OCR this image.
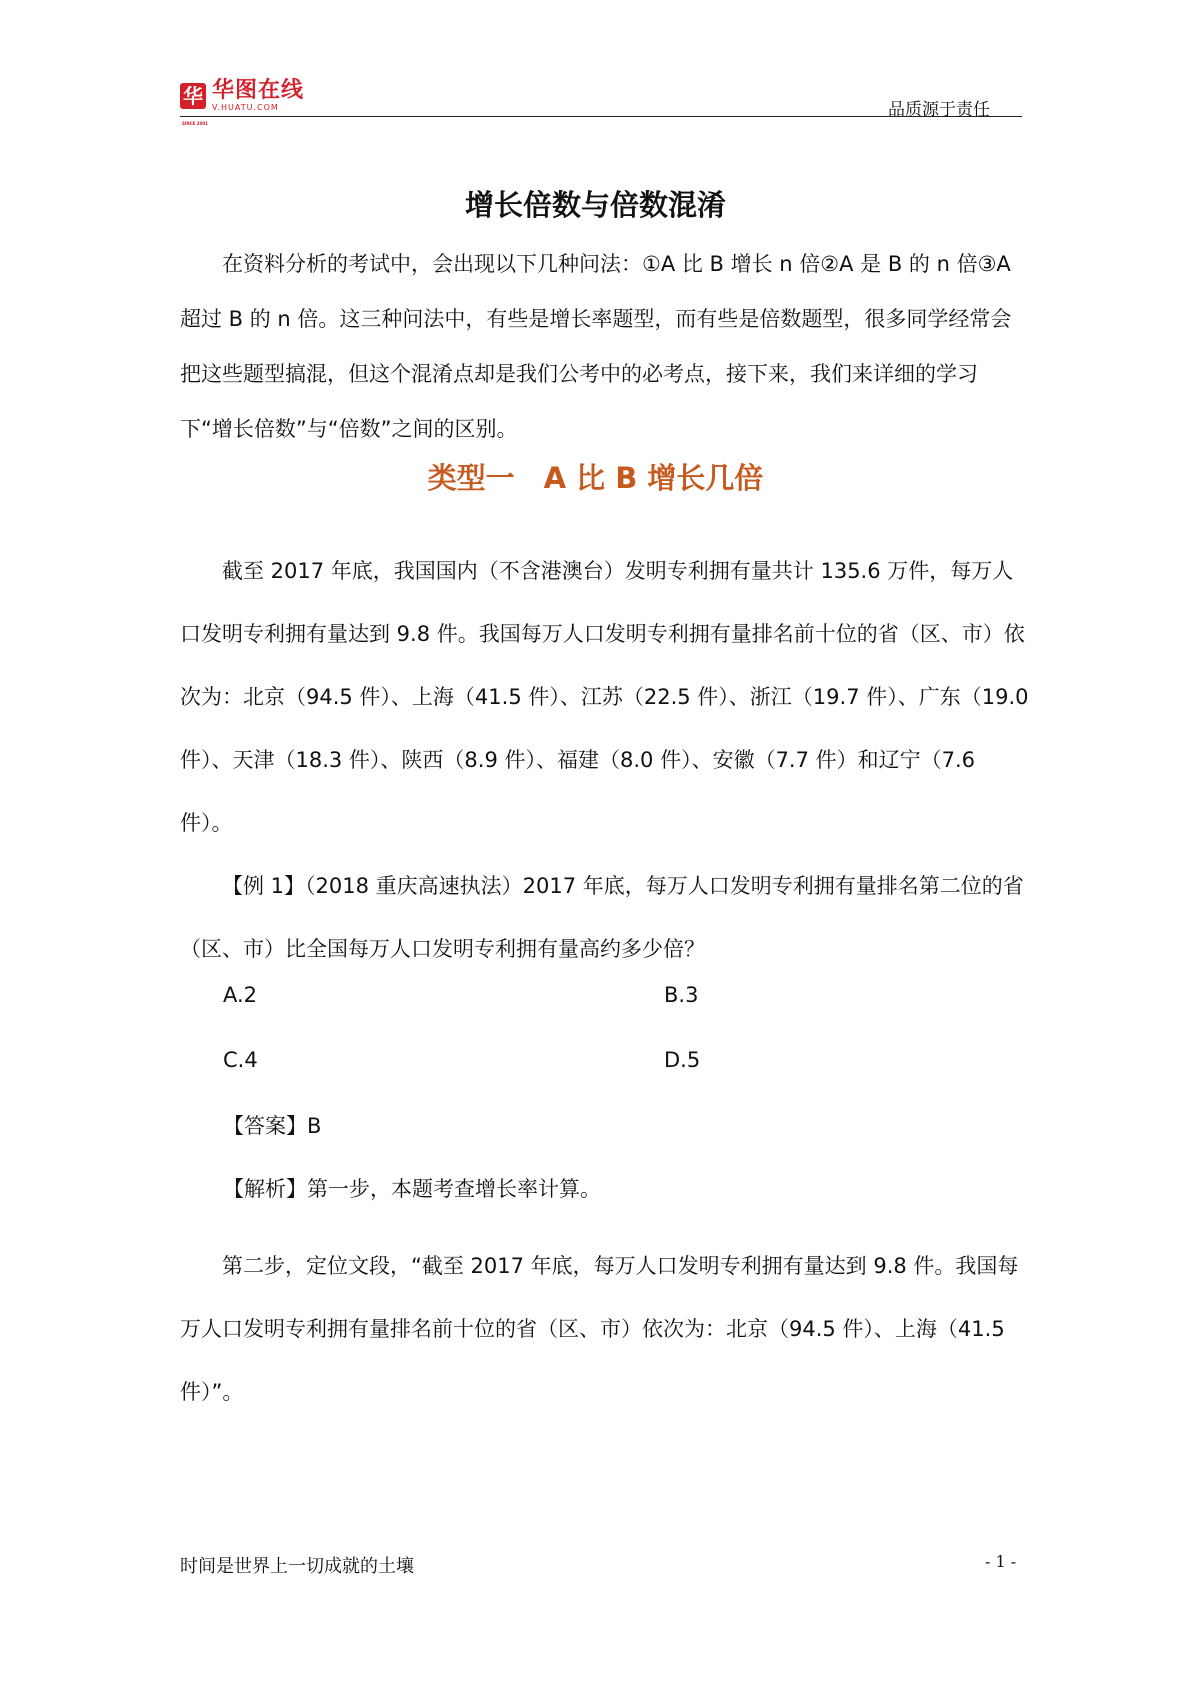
华
SINCE 2001
华图在线
V.HUATU.COM	品质源于责任
增长倍数与倍数混淆
在资料分析的考试中，会出现以下几种问法：①A 比 B 增长 n 倍②A 是 B 的 n 倍③A 超过 B 的 n 倍。这三种问法中，有些是增长率题型，而有些是倍数题型，很多同学经常会把这些题型搞混，但这个混淆点却是我们公考中的必考点，接下来，我们来详细的学习下“增长倍数”与“倍数”之间的区别。
类型一　A 比 B 增长几倍
截至 2017 年底，我国国内（不含港澳台）发明专利拥有量共计 135.6 万件，每万人口发明专利拥有量达到 9.8 件。我国每万人口发明专利拥有量排名前十位的省（区、市）依次为：北京（94.5 件）、上海（41.5 件）、江苏（22.5 件）、浙江（19.7 件）、广东（19.0 件）、天津（18.3 件）、陕西（8.9 件）、福建（8.0 件）、安徽（7.7 件）和辽宁（7.6 件）。
【例 1】（2018 重庆高速执法）2017 年底，每万人口发明专利拥有量排名第二位的省（区、市）比全国每万人口发明专利拥有量高约多少倍？
A.2	B.3
C.4	D.5
【答案】B
【解析】第一步，本题考查增长率计算。
第二步，定位文段，“截至 2017 年底，每万人口发明专利拥有量达到 9.8 件。我国每万人口发明专利拥有量排名前十位的省（区、市）依次为：北京（94.5 件）、上海（41.5 件）”。
时间是世界上一切成就的土壤	- 1 -
